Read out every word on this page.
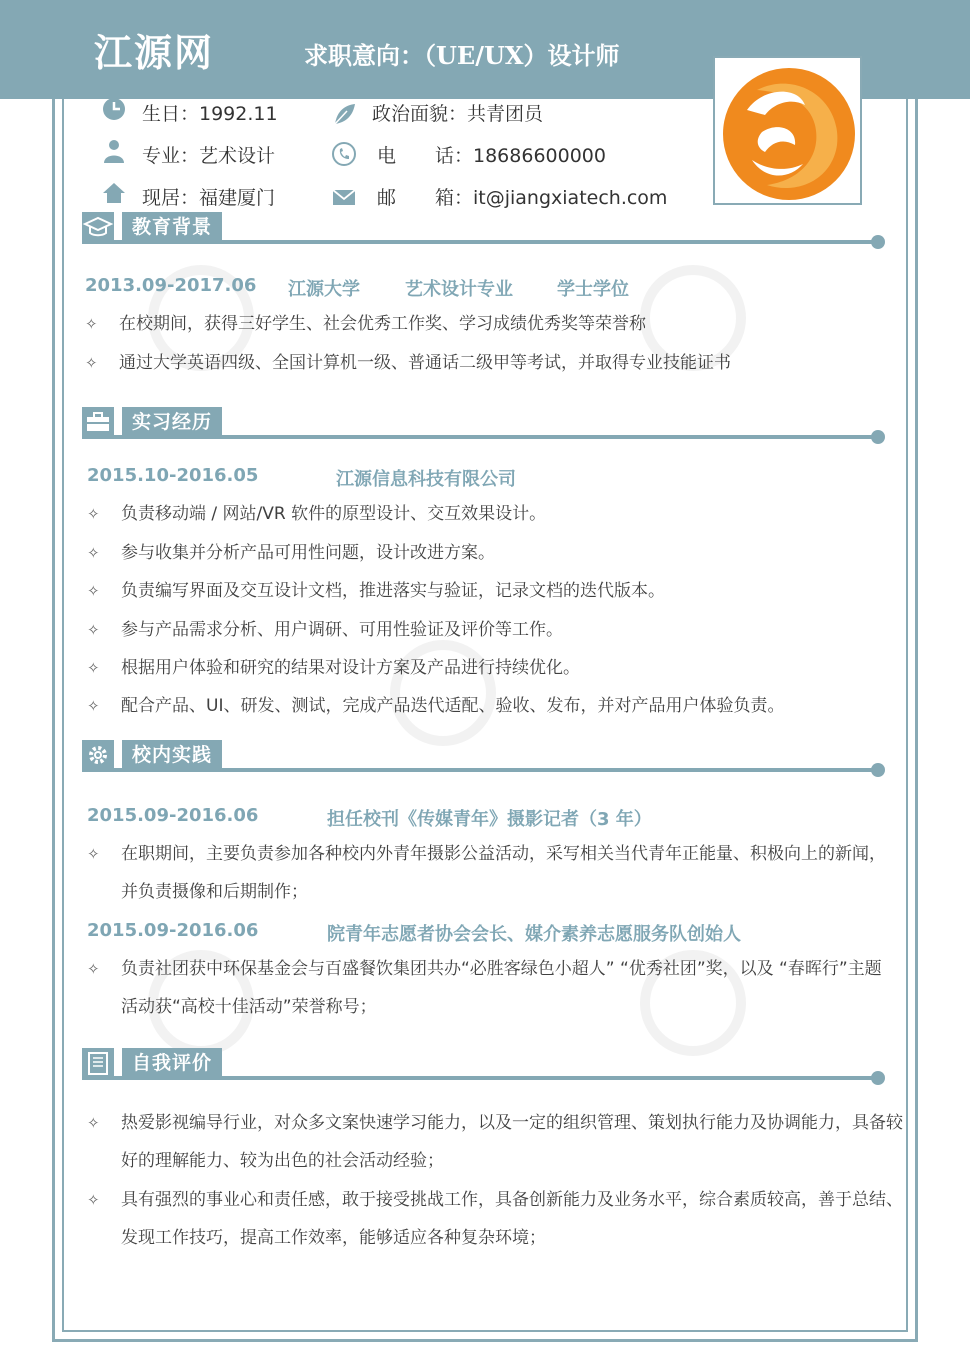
江源网	求职意向：（UE/UX）设计师
生日：1992.11	政治面貌：共青团员
专业：艺术设计	电 话：18686600000
现居：福建厦门	邮 箱：it@jiangxiatech.com
教育背景
2013.09-2017.06 江源大学	艺术设计专业 学士学位
✧ 在校期间，获得三好学生、社会优秀工作奖、学习成绩优秀奖等荣誉称
✧ 通过大学英语四级、全国计算机一级、普通话二级甲等考试，并取得专业技能证书
实习经历
2015.10-2016.05	江源信息科技有限公司
✧ 负责移动端 / 网站/VR 软件的原型设计、交互效果设计。
✧ 参与收集并分析产品可用性问题，设计改进方案。
✧ 负责编写界面及交互设计文档，推进落实与验证，记录文档的迭代版本。
✧ 参与产品需求分析、用户调研、可用性验证及评价等工作。
✧ 根据用户体验和研究的结果对设计方案及产品进行持续优化。
✧ 配合产品、UI、研发、测试，完成产品迭代适配、验收、发布，并对产品用户体验负责。
校内实践
2015.09-2016.06	担任校刊《传媒青年》摄影记者（3 年）
✧ 在职期间，主要负责参加各种校内外青年摄影公益活动，采写相关当代青年正能量、积极向上的新闻，并负责摄像和后期制作；
2015.09-2016.06	院青年志愿者协会会长、媒介素养志愿服务队创始人
✧ 负责社团获中环保基金会与百盛餐饮集团共办“必胜客绿色小超人” “优秀社团”奖，以及 “春晖行”主题活动获“高校十佳活动”荣誉称号；
自我评价
✧ 热爱影视编导行业，对众多文案快速学习能力，以及一定的组织管理、策划执行能力及协调能力，具备较好的理解能力、较为出色的社会活动经验；
✧ 具有强烈的事业心和责任感，敢于接受挑战工作，具备创新能力及业务水平，综合素质较高，善于总结、发现工作技巧，提高工作效率，能够适应各种复杂环境；
